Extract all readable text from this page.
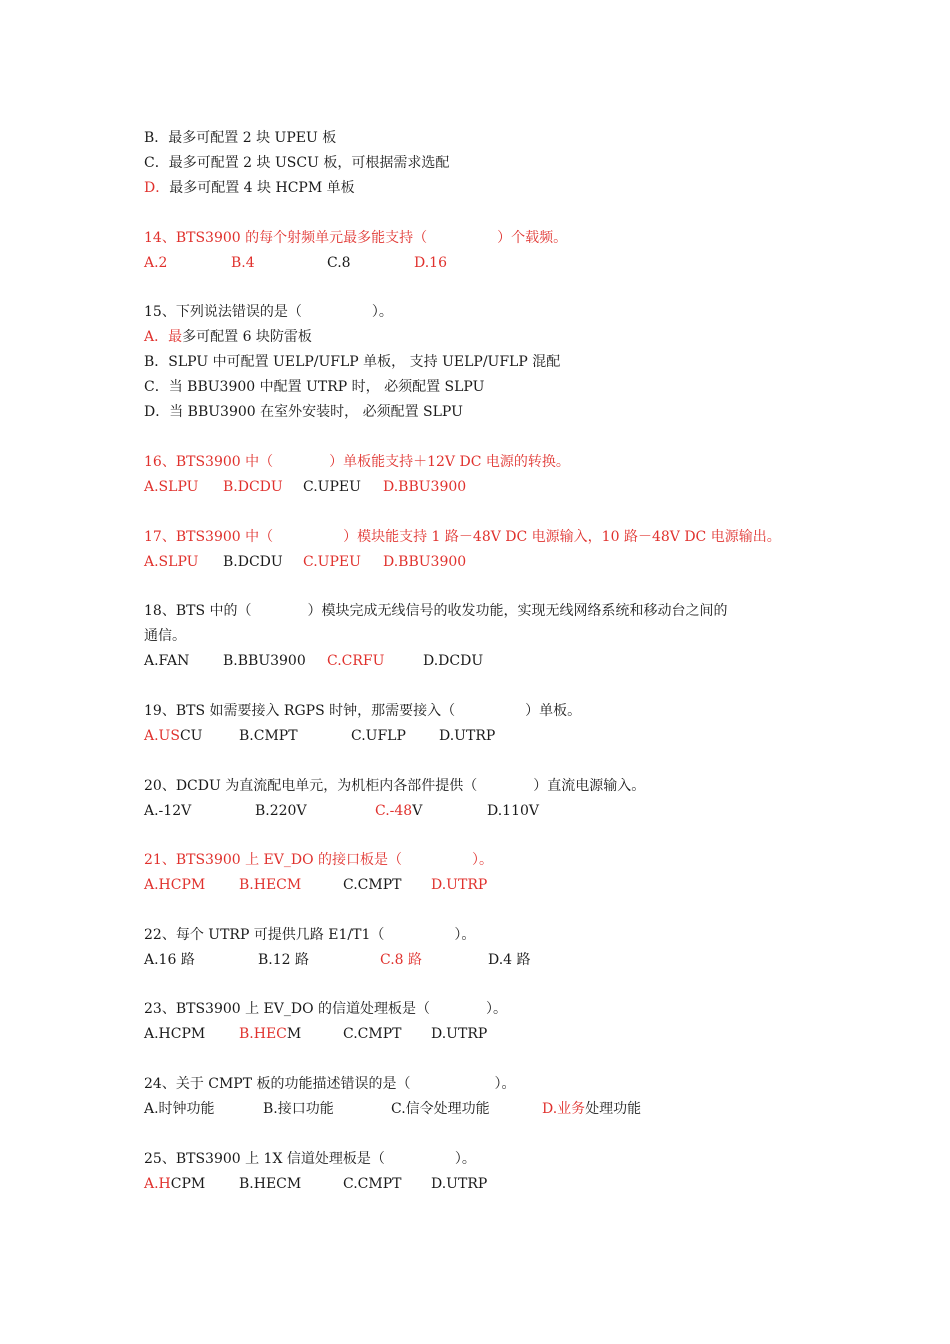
B．最多可配置 2 块 UPEU 板
C．最多可配置 2 块 USCU 板，可根据需求选配
D．最多可配置 4 块 HCPM 单板
14、BTS3900 的每个射频单元最多能支持（　　　　　）个载频。
A.2	B.4	C.8	D.16
15、下列说法错误的是（　　　　　）。
A．最多可配置 6 块防雷板
B．SLPU 中可配置 UELP/UFLP 单板， 支持 UELP/UFLP 混配
C．当 BBU3900 中配置 UTRP 时， 必须配置 SLPU
D．当 BBU3900 在室外安装时， 必须配置 SLPU
16、BTS3900 中（　　　　）单板能支持＋12V DC 电源的转换。
A.SLPU B.DCDU C.UPEU D.BBU3900
17、BTS3900 中（　　　　　）模块能支持 1 路－48V DC 电源输入，10 路－48V DC 电源输出。
A.SLPU B.DCDU C.UPEU D.BBU3900
18、BTS 中的（　　　　）模块完成无线信号的收发功能，实现无线网络系统和移动台之间的
通信。
A.FAN B.BBU3900 C.CRFU	D.DCDU
19、BTS 如需要接入 RGPS 时钟，那需要接入（　　　　　）单板。
A.USCU	B.CMPT	C.UFLP D.UTRP
20、DCDU 为直流配电单元，为机柜内各部件提供（　　　　）直流电源输入。
A.-12V	B.220V	C.-48V	D.110V
21、BTS3900 上 EV_DO 的接口板是（　　　　　）。
A.HCPM B.HECM	C.CMPT D.UTRP
22、每个 UTRP 可提供几路 E1/T1（　　　　　）。
A.16 路	B.12 路	C.8 路	D.4 路
23、BTS3900 上 EV_DO 的信道处理板是（　　　　）。
A.HCPM B.HECM	C.CMPT D.UTRP
24、关于 CMPT 板的功能描述错误的是（　　　　　　）。
A.时钟功能	B.接口功能	C.信令处理功能	D.业务处理功能
25、BTS3900 上 1X 信道处理板是（　　　　　）。
A.HCPM B.HECM	C.CMPT D.UTRP
